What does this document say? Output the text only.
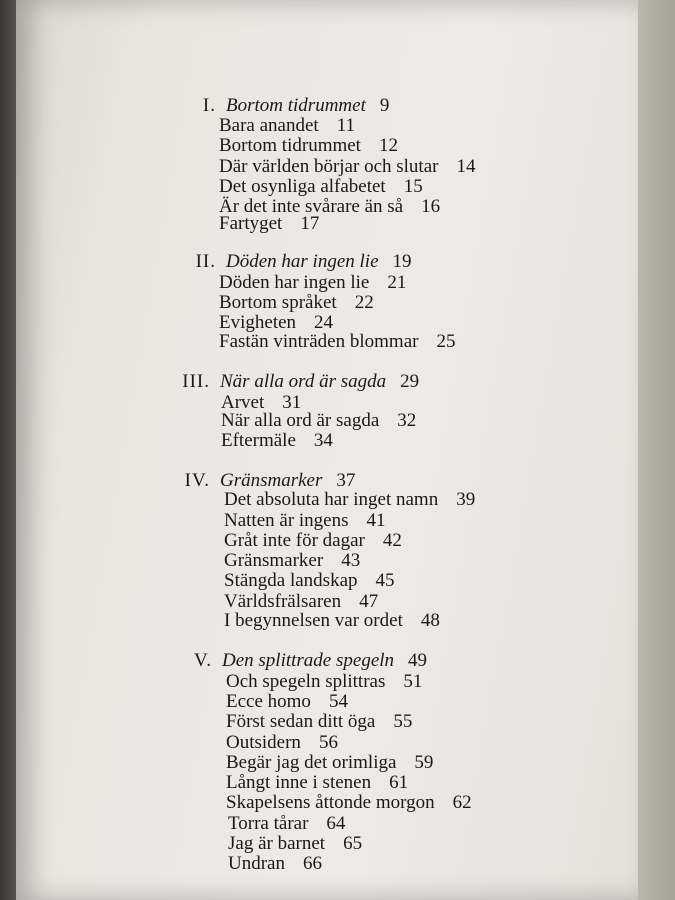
I. Bortom tidrummet 9
Bara anandet 11
Bortom tidrummet 12
Där världen börjar och slutar 14
Det osynliga alfabetet 15
Är det inte svårare än så 16
Fartyget 17
II. Döden har ingen lie 19
Döden har ingen lie 21
Bortom språket 22
Evigheten 24
Fastän vinträden blommar 25
III. När alla ord är sagda 29
Arvet 31
När alla ord är sagda 32
Eftermäle 34
IV. Gränsmarker 37
Det absoluta har inget namn 39
Natten är ingens 41
Gråt inte för dagar 42
Gränsmarker 43
Stängda landskap 45
Världsfrälsaren 47
I begynnelsen var ordet 48
V. Den splittrade spegeln 49
Och spegeln splittras 51
Ecce homo 54
Först sedan ditt öga 55
Outsidern 56
Begär jag det orimliga 59
Långt inne i stenen 61
Skapelsens åttonde morgon 62
Torra tårar 64
Jag är barnet 65
Undran 66
